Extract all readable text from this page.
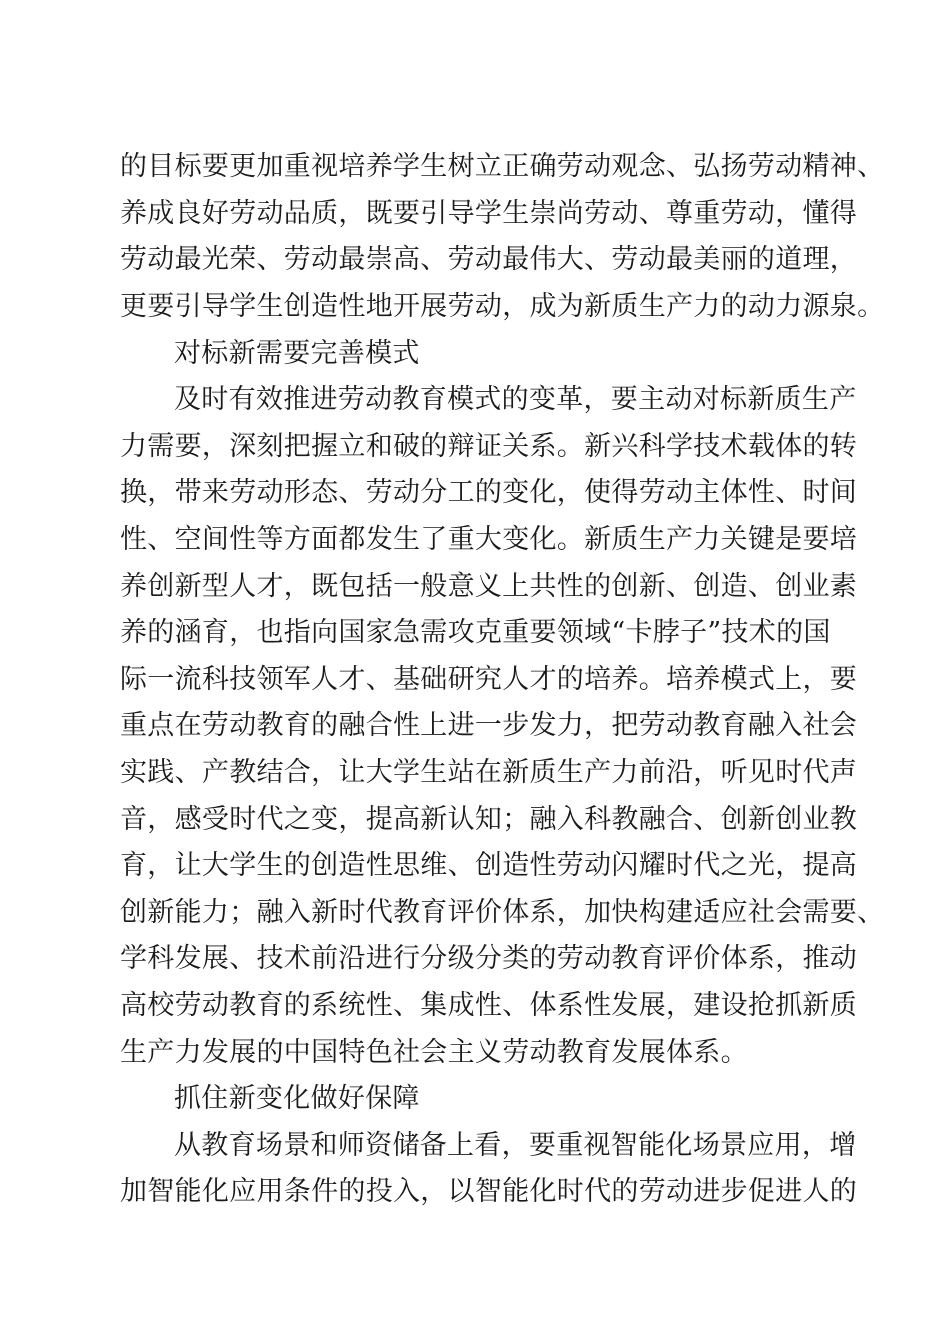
的目标要更加重视培养学生树立正确劳动观念、弘扬劳动精神、
养成良好劳动品质，既要引导学生崇尚劳动、尊重劳动，懂得
劳动最光荣、劳动最崇高、劳动最伟大、劳动最美丽的道理，
更要引导学生创造性地开展劳动，成为新质生产力的动力源泉。
对标新需要完善模式
及时有效推进劳动教育模式的变革，要主动对标新质生产
力需要，深刻把握立和破的辩证关系。新兴科学技术载体的转
换，带来劳动形态、劳动分工的变化，使得劳动主体性、时间
性、空间性等方面都发生了重大变化。新质生产力关键是要培
养创新型人才，既包括一般意义上共性的创新、创造、创业素
养的涵育，也指向国家急需攻克重要领域“卡脖子”技术的国
际一流科技领军人才、基础研究人才的培养。培养模式上，要
重点在劳动教育的融合性上进一步发力，把劳动教育融入社会
实践、产教结合，让大学生站在新质生产力前沿，听见时代声
音，感受时代之变，提高新认知；融入科教融合、创新创业教
育，让大学生的创造性思维、创造性劳动闪耀时代之光，提高
创新能力；融入新时代教育评价体系，加快构建适应社会需要、
学科发展、技术前沿进行分级分类的劳动教育评价体系，推动
高校劳动教育的系统性、集成性、体系性发展，建设抢抓新质
生产力发展的中国特色社会主义劳动教育发展体系。
抓住新变化做好保障
从教育场景和师资储备上看，要重视智能化场景应用，增
加智能化应用条件的投入，以智能化时代的劳动进步促进人的
